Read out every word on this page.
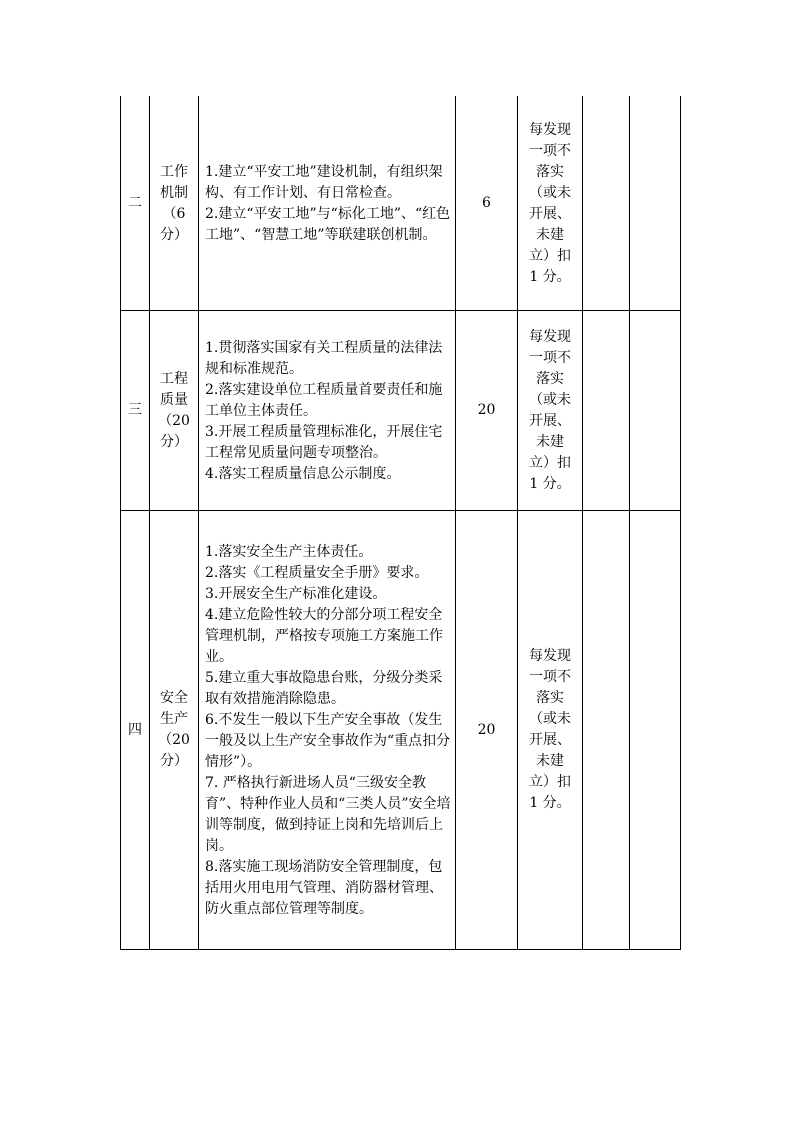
二
工作
机制
（6
分）

1.建立“平安工地”建设机制，有组织架构、有工作计划、有日常检查。

2.建立“平安工地”与“标化工地”、“红色工地”、“智慧工地”等联建联创机制。

6
每发现
一项不
落实
（或未
开展、
未建
立）扣
1 分。
三
工程
质量
（20
分）

1.贯彻落实国家有关工程质量的法律法规和标准规范。

2.落实建设单位工程质量首要责任和施工单位主体责任。

3.开展工程质量管理标准化，开展住宅工程常见质量问题专项整治。

4.落实工程质量信息公示制度。

20
每发现
一项不
落实
（或未
开展、
未建
立）扣
1 分。
四
安全
生产
（20
分）

1.落实安全生产主体责任。

2.落实《工程质量安全手册》要求。

3.开展安全生产标准化建设。

4.建立危险性较大的分部分项工程安全管理机制，严格按专项施工方案施工作业。

5.建立重大事故隐患台账，分级分类采取有效措施消除隐患。

6.不发生一般以下生产安全事故（发生一般及以上生产安全事故作为“重点扣分情形”）。

7. 严格执行新进场人员“三级安全教育”、特种作业人员和“三类人员”安全培训等制度，做到持证上岗和先培训后上岗。

8.落实施工现场消防安全管理制度，包括用火用电用气管理、消防器材管理、防火重点部位管理等制度。

20
每发现
一项不
落实
（或未
开展、
未建
立）扣
1 分。
